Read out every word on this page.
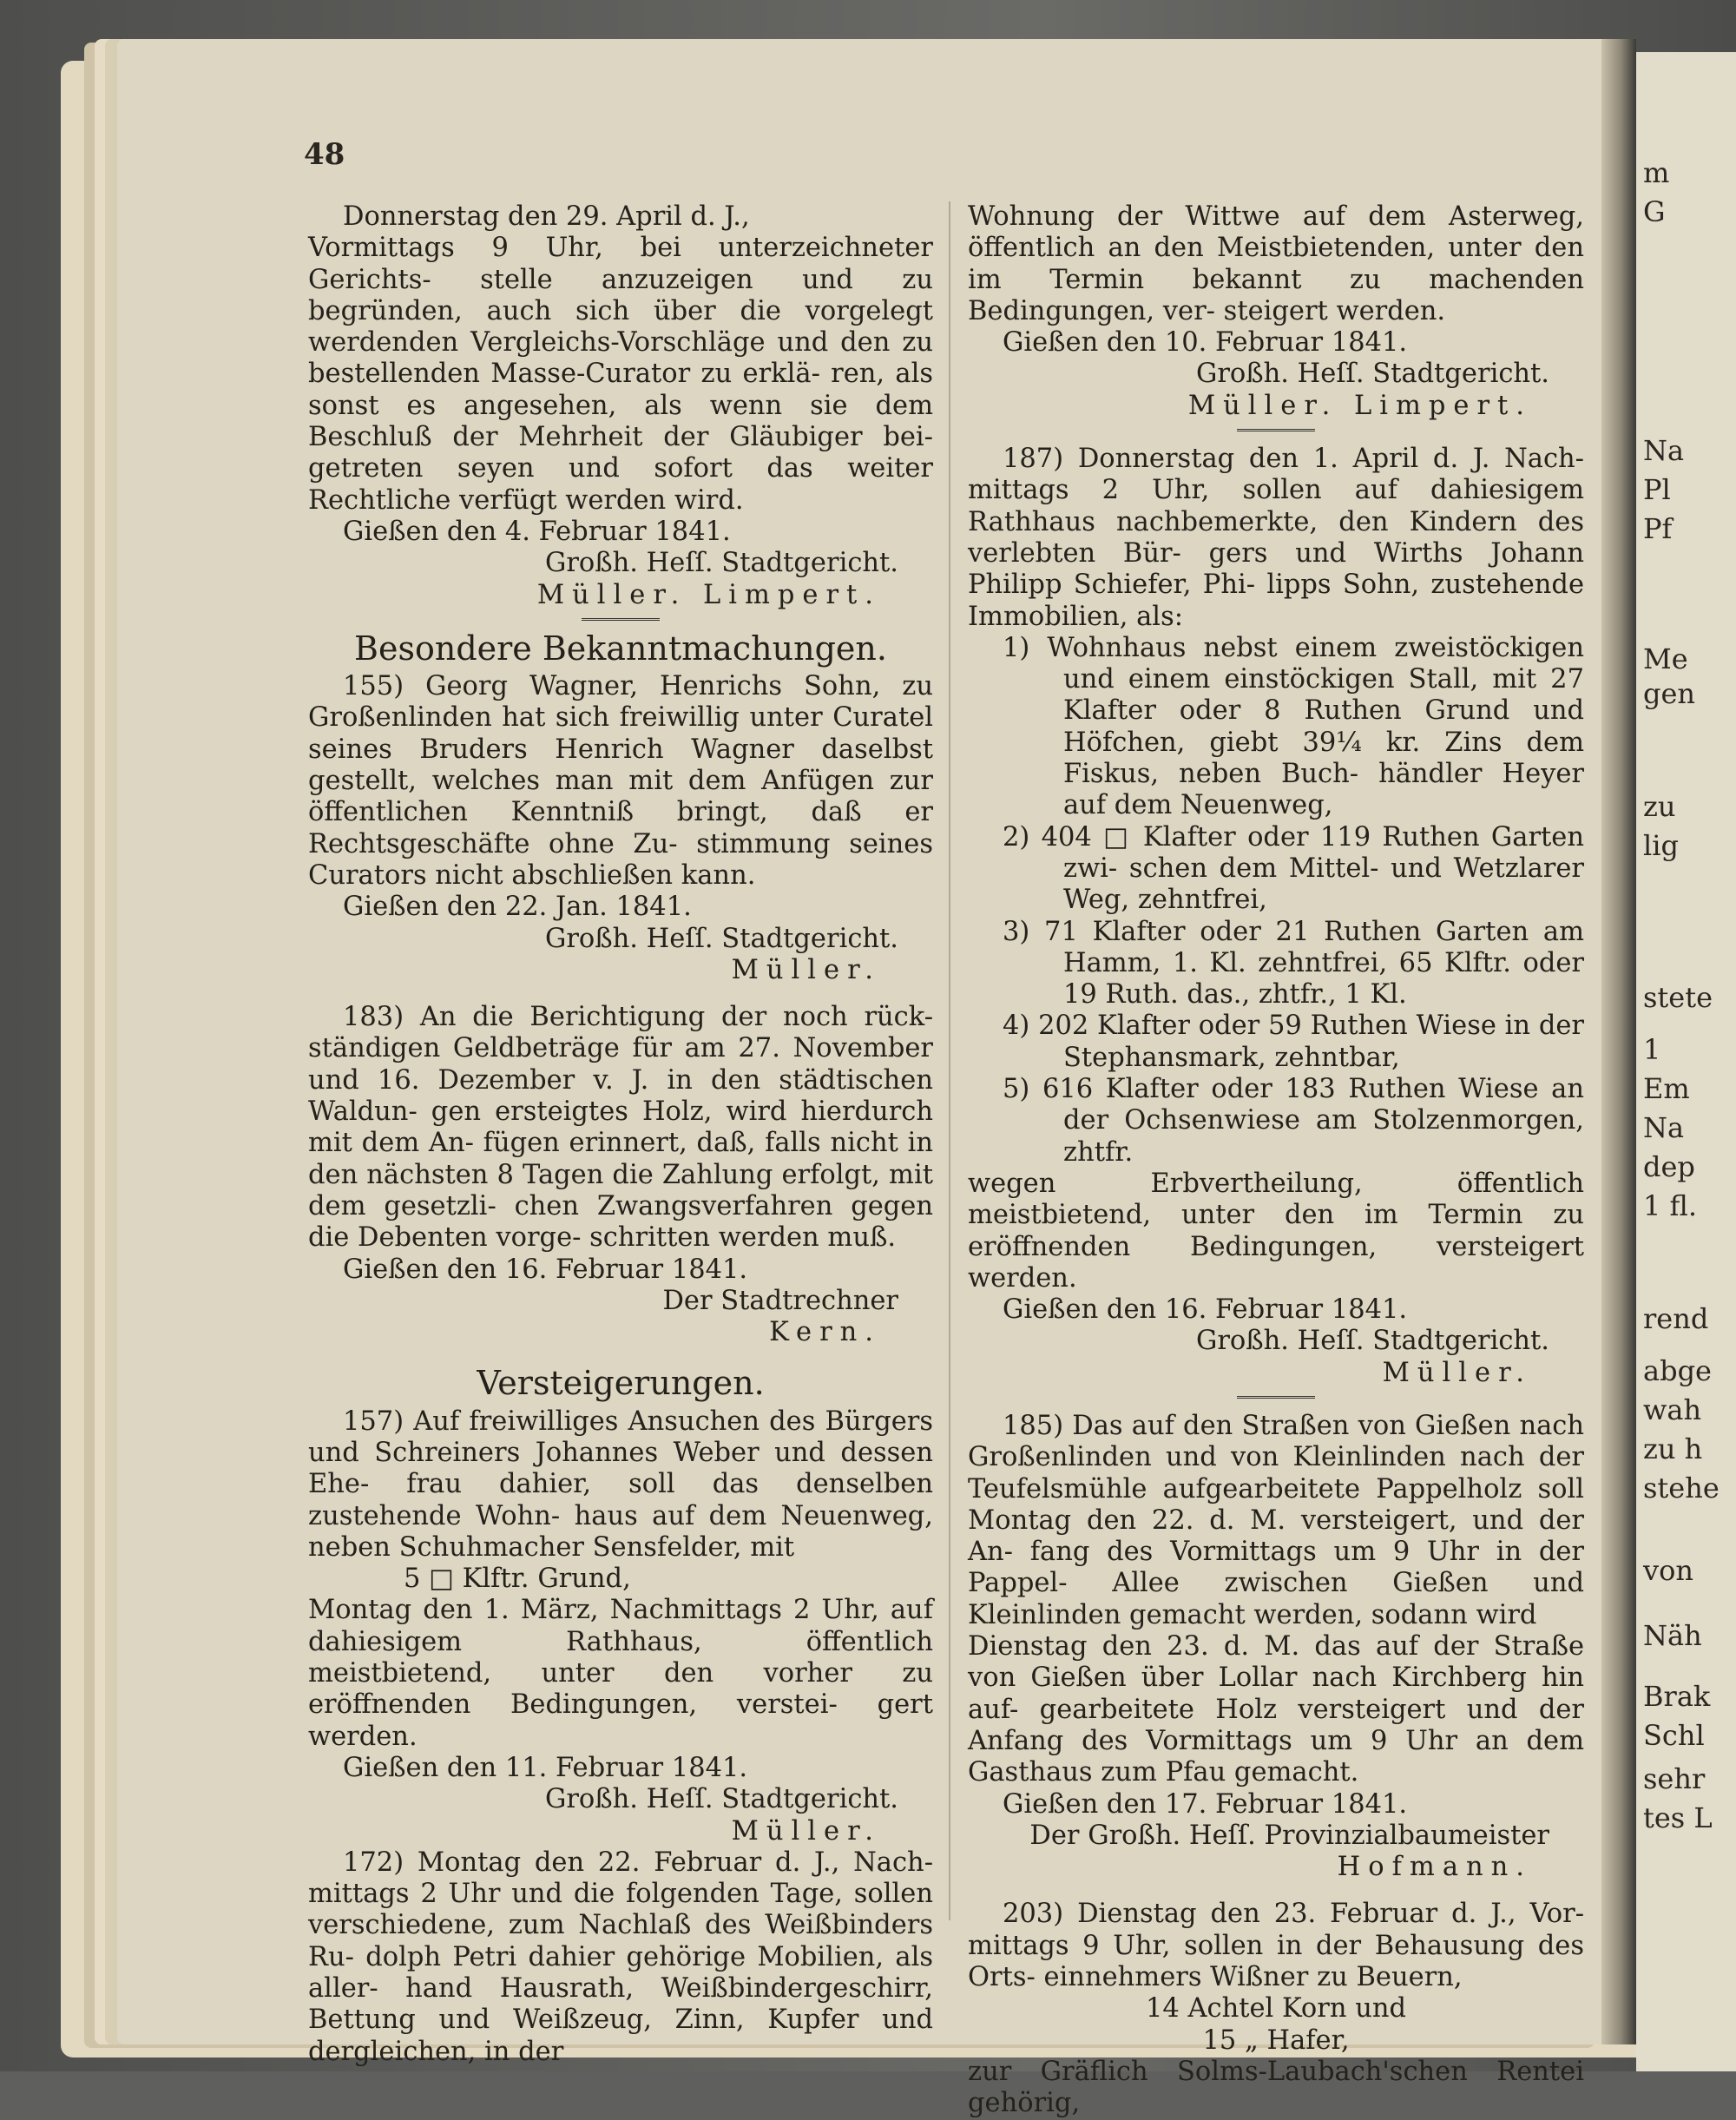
m
G
Na
Pl
Pf
Me
gen
zu
lig
stete
1
Em
Na
dep
1 fl.
rend
abge
wah
zu h
stehe
von
Näh
Brak
Schl
sehr
tes L
48

Donnerstag den 29. April d. J.,

Vormittags 9 Uhr, bei unterzeichneter Gerichts- stelle anzuzeigen und zu begründen, auch sich über die vorgelegt werdenden Vergleichs-Vorschläge und den zu bestellenden Masse-Curator zu erklä- ren, als sonst es angesehen, als wenn sie dem Beschluß der Mehrheit der Gläubiger bei- getreten seyen und sofort das weiter Rechtliche verfügt werden wird.

Gießen den 4. Februar 1841.

Großh. Heſſ. Stadtgericht.

Müller. Limpert.

Besondere Bekanntmachungen.

155) Georg Wagner, Henrichs Sohn, zu Großenlinden hat sich freiwillig unter Curatel seines Bruders Henrich Wagner daselbst gestellt, welches man mit dem Anfügen zur öffentlichen Kenntniß bringt, daß er Rechtsgeschäfte ohne Zu- stimmung seines Curators nicht abschließen kann.

Gießen den 22. Jan. 1841.

Großh. Heſſ. Stadtgericht.

Müller.

183) An die Berichtigung der noch rück- ständigen Geldbeträge für am 27. November und 16. Dezember v. J. in den städtischen Waldun- gen ersteigtes Holz, wird hierdurch mit dem An- fügen erinnert, daß, falls nicht in den nächsten 8 Tagen die Zahlung erfolgt, mit dem gesetzli- chen Zwangsverfahren gegen die Debenten vorge- schritten werden muß.

Gießen den 16. Februar 1841.

Der Stadtrechner

Kern.

Versteigerungen.

157) Auf freiwilliges Ansuchen des Bürgers und Schreiners Johannes Weber und dessen Ehe- frau dahier, soll das denselben zustehende Wohn- haus auf dem Neuenweg, neben Schuhmacher Sensfelder, mit

5 □ Klftr. Grund,

Montag den 1. März, Nachmittags 2 Uhr, auf dahiesigem Rathhaus, öffentlich meistbietend, unter den vorher zu eröffnenden Bedingungen, verstei- gert werden.

Gießen den 11. Februar 1841.

Großh. Heſſ. Stadtgericht.

Müller.

172) Montag den 22. Februar d. J., Nach- mittags 2 Uhr und die folgenden Tage, sollen verschiedene, zum Nachlaß des Weißbinders Ru- dolph Petri dahier gehörige Mobilien, als aller- hand Hausrath, Weißbindergeschirr, Bettung und Weißzeug, Zinn, Kupfer und dergleichen, in der

Wohnung der Wittwe auf dem Asterweg, öffentlich an den Meistbietenden, unter den im Termin bekannt zu machenden Bedingungen, ver- steigert werden.

Gießen den 10. Februar 1841.

Großh. Heſſ. Stadtgericht.

Müller. Limpert.

187) Donnerstag den 1. April d. J. Nach- mittags 2 Uhr, sollen auf dahiesigem Rathhaus nachbemerkte, den Kindern des verlebten Bür- gers und Wirths Johann Philipp Schiefer, Phi- lipps Sohn, zustehende Immobilien, als:

1) Wohnhaus nebst einem zweistöckigen und einem einstöckigen Stall, mit 27 Klafter oder 8 Ruthen Grund und Höfchen, giebt 39¼ kr. Zins dem Fiskus, neben Buch- händler Heyer auf dem Neuenweg,

2) 404 □ Klafter oder 119 Ruthen Garten zwi- schen dem Mittel- und Wetzlarer Weg, zehntfrei,

3) 71 Klafter oder 21 Ruthen Garten am Hamm, 1. Kl. zehntfrei, 65 Klftr. oder 19 Ruth. das., zhtfr., 1 Kl.

4) 202 Klafter oder 59 Ruthen Wiese in der Stephansmark, zehntbar,

5) 616 Klafter oder 183 Ruthen Wiese an der Ochsenwiese am Stolzenmorgen, zhtfr.

wegen Erbvertheilung, öffentlich meistbietend, unter den im Termin zu eröffnenden Bedingungen, versteigert werden.

Gießen den 16. Februar 1841.

Großh. Heſſ. Stadtgericht.

Müller.

185) Das auf den Straßen von Gießen nach Großenlinden und von Kleinlinden nach der Teufelsmühle aufgearbeitete Pappelholz soll Montag den 22. d. M. versteigert, und der An- fang des Vormittags um 9 Uhr in der Pappel- Allee zwischen Gießen und Kleinlinden gemacht werden, sodann wird

Dienstag den 23. d. M. das auf der Straße von Gießen über Lollar nach Kirchberg hin auf- gearbeitete Holz versteigert und der Anfang des Vormittags um 9 Uhr an dem Gasthaus zum Pfau gemacht.

Gießen den 17. Februar 1841.

Der Großh. Heſſ. Provinzialbaumeister

Hofmann.

203) Dienstag den 23. Februar d. J., Vor- mittags 9 Uhr, sollen in der Behausung des Orts- einnehmers Wißner zu Beuern,

14 Achtel Korn und

15 „ Hafer,

zur Gräflich Solms-Laubach'schen Rentei gehörig,
